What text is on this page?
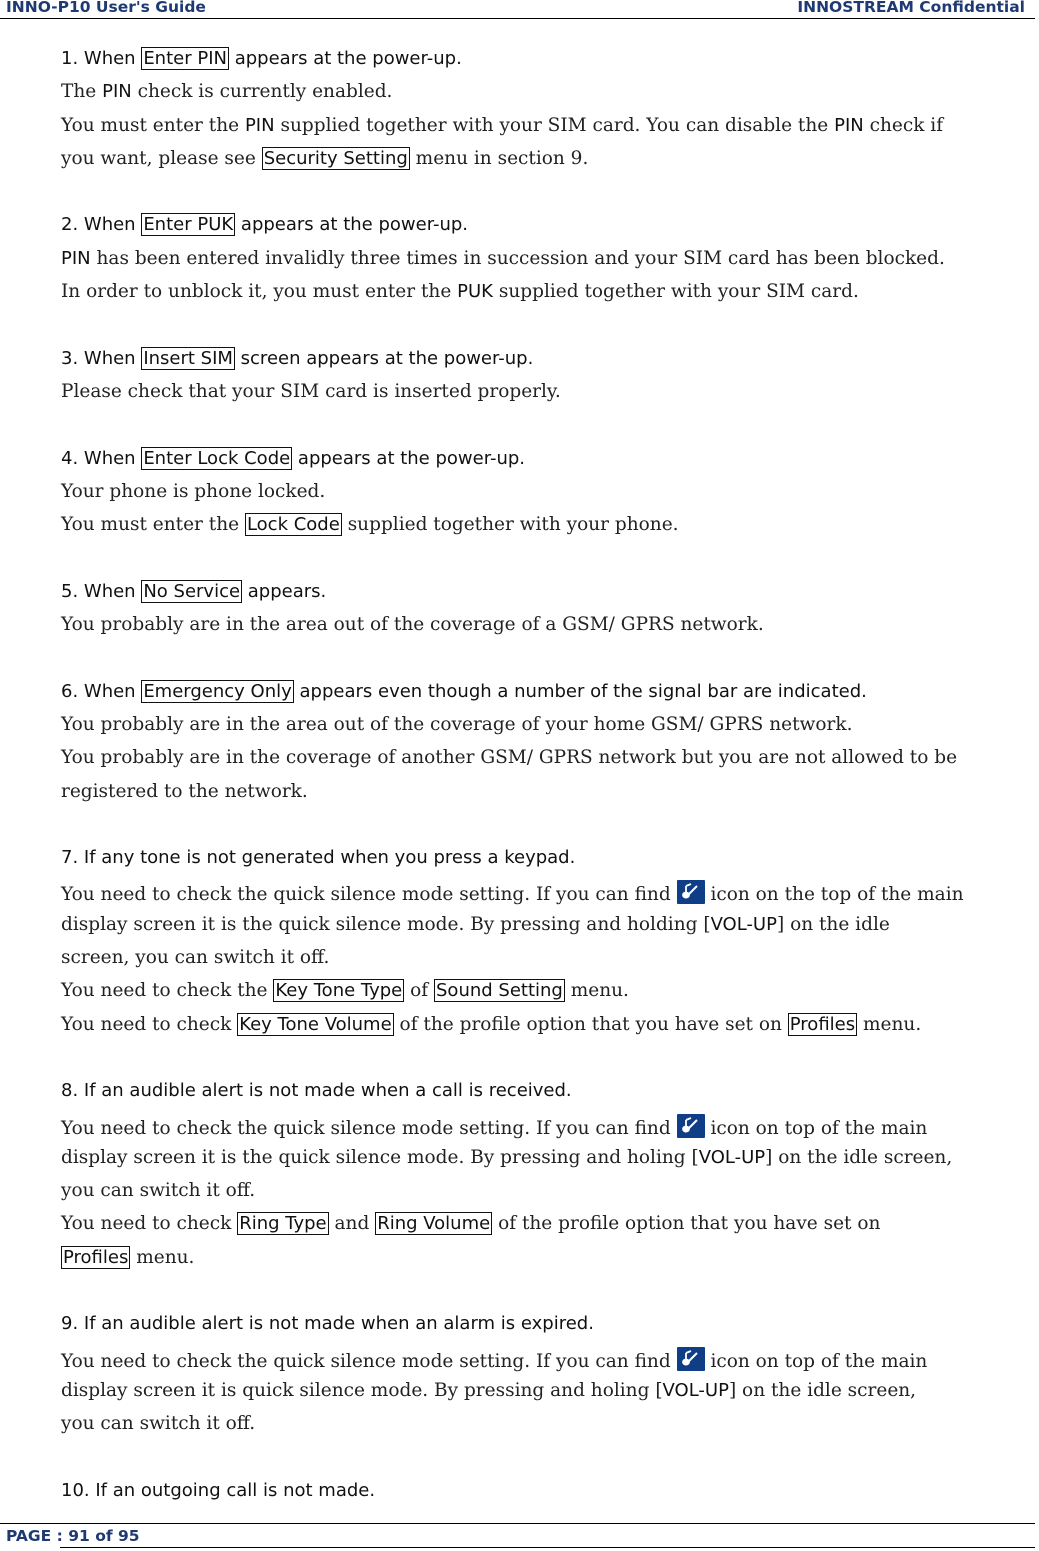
INNO-P10 User's Guide	INNOSTREAM Confidential
1. When Enter PIN appears at the power-up.
The PIN check is currently enabled.
You must enter the PIN supplied together with your SIM card. You can disable the PIN check if
you want, please see Security Setting menu in section 9.
2. When Enter PUK appears at the power-up.
PIN has been entered invalidly three times in succession and your SIM card has been blocked.
In order to unblock it, you must enter the PUK supplied together with your SIM card.
3. When Insert SIM screen appears at the power-up.
Please check that your SIM card is inserted properly.
4. When Enter Lock Code appears at the power-up.
Your phone is phone locked.
You must enter the Lock Code supplied together with your phone.
5. When No Service appears.
You probably are in the area out of the coverage of a GSM/ GPRS network.
6. When Emergency Only appears even though a number of the signal bar are indicated.
You probably are in the area out of the coverage of your home GSM/ GPRS network.
You probably are in the coverage of another GSM/ GPRS network but you are not allowed to be
registered to the network.
7. If any tone is not generated when you press a keypad.
You need to check the quick silence mode setting. If you can find
icon on the top of the main
display screen it is the quick silence mode. By pressing and holding [VOL-UP] on the idle
screen, you can switch it off.
You need to check the Key Tone Type of Sound Setting menu.
You need to check Key Tone Volume of the profile option that you have set on Profiles menu.
8. If an audible alert is not made when a call is received.
You need to check the quick silence mode setting. If you can find
icon on top of the main
display screen it is the quick silence mode. By pressing and holing [VOL-UP] on the idle screen,
you can switch it off.
You need to check Ring Type and Ring Volume of the profile option that you have set on
Profiles menu.
9. If an audible alert is not made when an alarm is expired.
You need to check the quick silence mode setting. If you can find
icon on top of the main
display screen it is quick silence mode. By pressing and holing [VOL-UP] on the idle screen,
you can switch it off.
10. If an outgoing call is not made.
PAGE : 91 of 95
